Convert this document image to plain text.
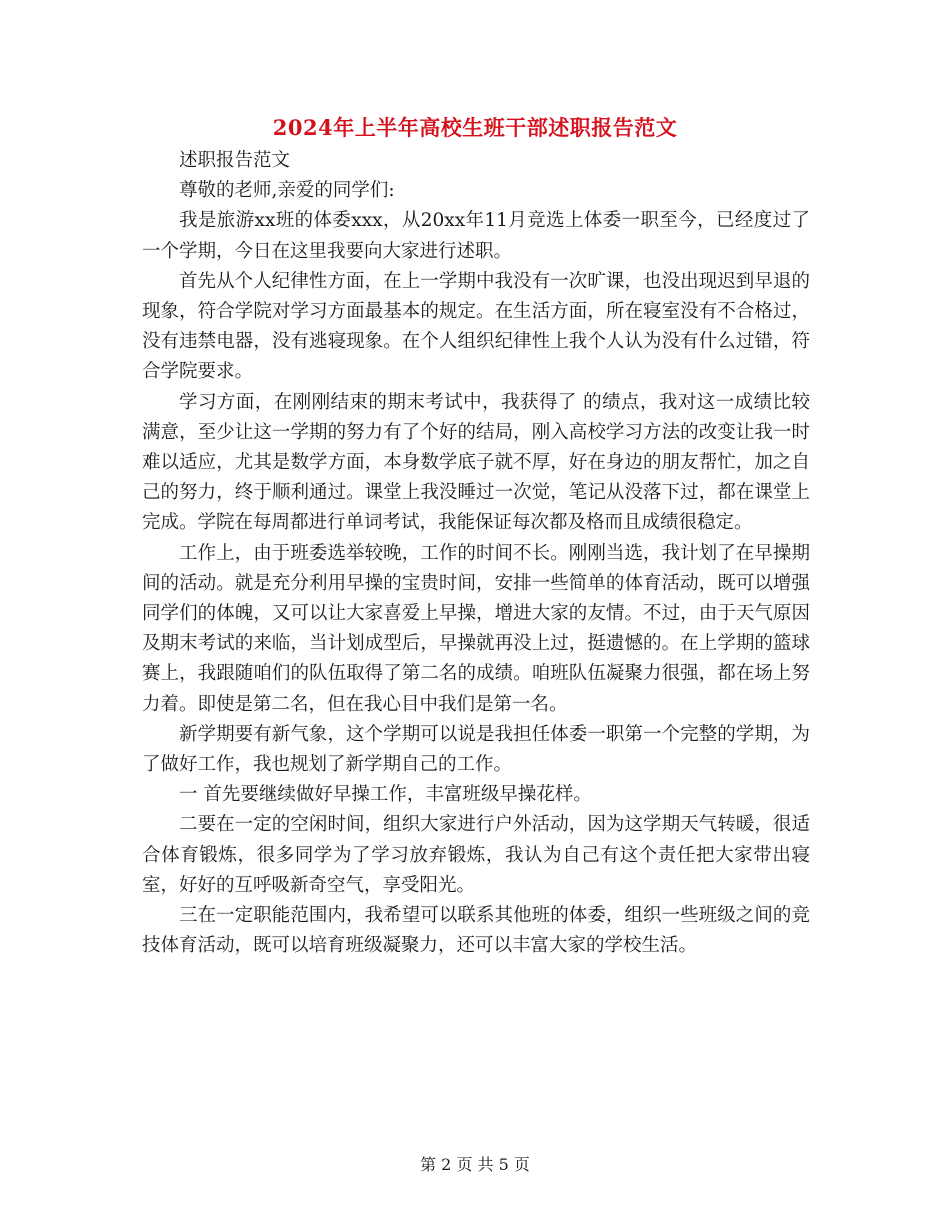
2024年上半年高校生班干部述职报告范文

述职报告范文

尊敬的老师,亲爱的同学们:

我是旅游xx班的体委xxx，从20xx年11月竞选上体委一职至今，已经度过了一个学期，今日在这里我要向大家进行述职。

首先从个人纪律性方面，在上一学期中我没有一次旷课，也没出现迟到早退的现象，符合学院对学习方面最基本的规定。在生活方面，所在寝室没有不合格过，没有违禁电器，没有逃寝现象。在个人组织纪律性上我个人认为没有什么过错，符合学院要求。

学习方面，在刚刚结束的期末考试中，我获得了 的绩点，我对这一成绩比较满意，至少让这一学期的努力有了个好的结局，刚入高校学习方法的改变让我一时难以适应，尤其是数学方面，本身数学底子就不厚，好在身边的朋友帮忙，加之自己的努力，终于顺利通过。课堂上我没睡过一次觉，笔记从没落下过，都在课堂上完成。学院在每周都进行单词考试，我能保证每次都及格而且成绩很稳定。

工作上，由于班委选举较晚，工作的时间不长。刚刚当选，我计划了在早操期间的活动。就是充分利用早操的宝贵时间，安排一些简单的体育活动，既可以增强同学们的体魄，又可以让大家喜爱上早操，增进大家的友情。不过，由于天气原因及期末考试的来临，当计划成型后，早操就再没上过，挺遗憾的。在上学期的篮球赛上，我跟随咱们的队伍取得了第二名的成绩。咱班队伍凝聚力很强，都在场上努力着。即使是第二名，但在我心目中我们是第一名。

新学期要有新气象，这个学期可以说是我担任体委一职第一个完整的学期，为了做好工作，我也规划了新学期自己的工作。

一 首先要继续做好早操工作，丰富班级早操花样。

二要在一定的空闲时间，组织大家进行户外活动，因为这学期天气转暖，很适合体育锻炼，很多同学为了学习放弃锻炼，我认为自己有这个责任把大家带出寝室，好好的互呼吸新奇空气，享受阳光。

三在一定职能范围内，我希望可以联系其他班的体委，组织一些班级之间的竞技体育活动，既可以培育班级凝聚力，还可以丰富大家的学校生活。

第 2 页 共 5 页
